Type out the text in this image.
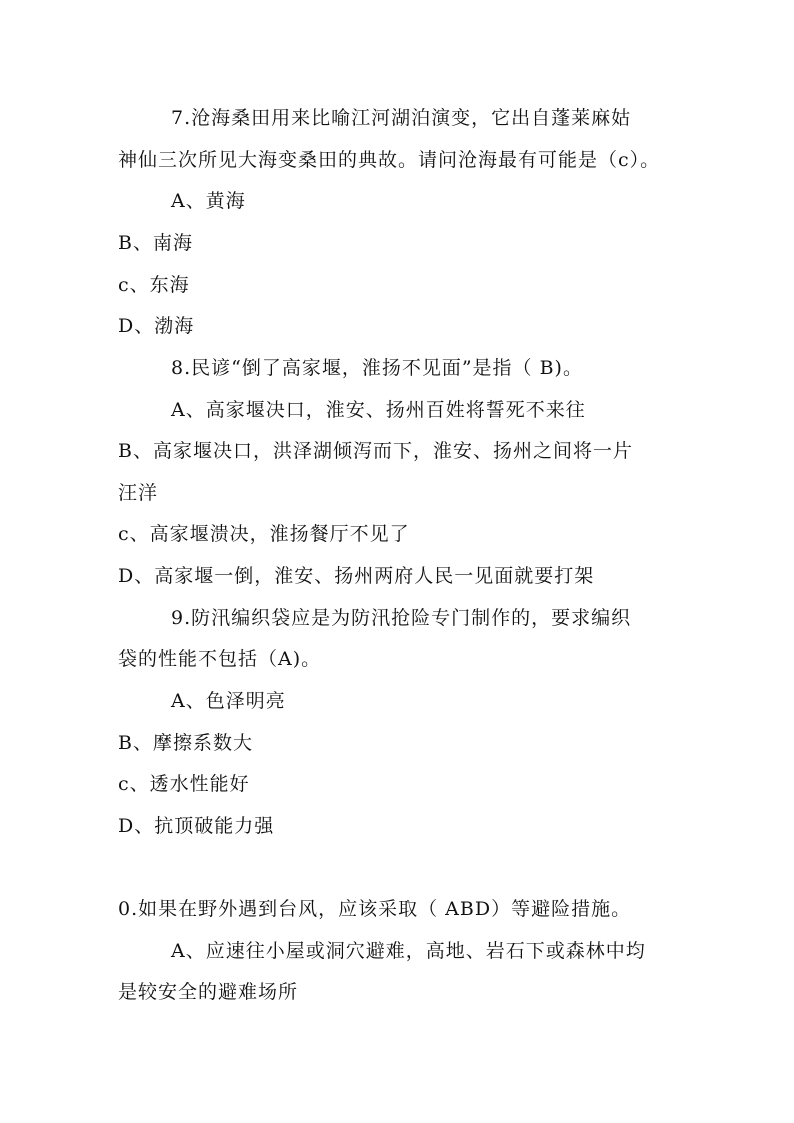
7.沧海桑田用来比喻江河湖泊演变，它出自蓬莱麻姑
神仙三次所见大海变桑田的典故。请问沧海最有可能是（c）。
A、黄海
B、南海
c、东海
D、渤海
8.民谚“倒了高家堰，淮扬不见面”是指（ B)。
A、高家堰决口，淮安、扬州百姓将誓死不来往
B、高家堰决口，洪泽湖倾泻而下，淮安、扬州之间将一片
汪洋
c、高家堰溃决，淮扬餐厅不见了
D、高家堰一倒，淮安、扬州两府人民一见面就要打架
9.防汛编织袋应是为防汛抢险专门制作的，要求编织
袋的性能不包括（A)。
A、色泽明亮
B、摩擦系数大
c、透水性能好
D、抗顶破能力强
0.如果在野外遇到台风，应该采取（ ABD）等避险措施。
A、应速往小屋或洞穴避难，高地、岩石下或森林中均
是较安全的避难场所
